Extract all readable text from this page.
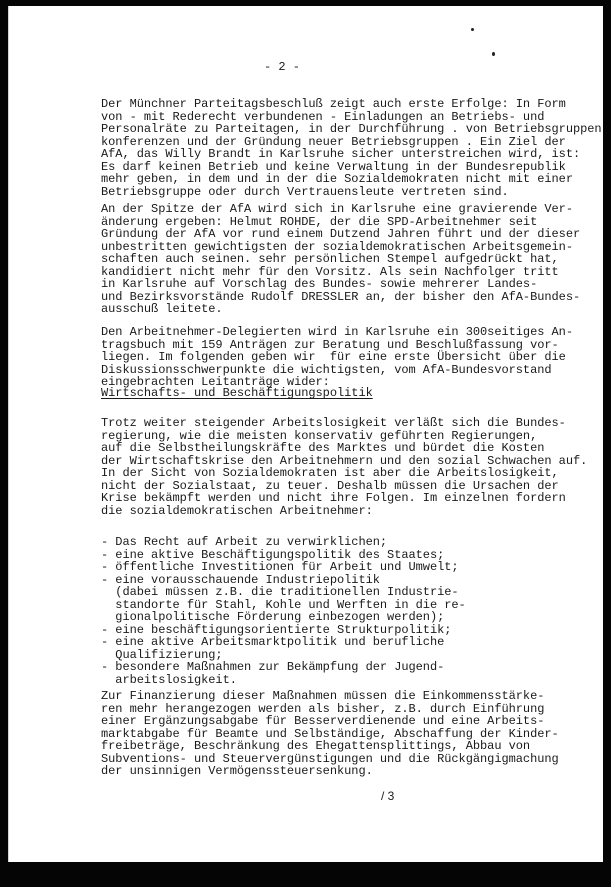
- 2 -
Der Münchner Parteitagsbeschluß zeigt auch erste Erfolge: In Form
von - mit Rederecht verbundenen - Einladungen an Betriebs- und
Personalräte zu Parteitagen, in der Durchführung . von Betriebsgruppen
konferenzen und der Gründung neuer Betriebsgruppen . Ein Ziel der
AfA, das Willy Brandt in Karlsruhe sicher unterstreichen wird, ist:
Es darf keinen Betrieb und keine Verwaltung in der Bundesrepublik
mehr geben, in dem und in der die Sozialdemokraten nicht mit einer
Betriebsgruppe oder durch Vertrauensleute vertreten sind.
An der Spitze der AfA wird sich in Karlsruhe eine gravierende Ver-
änderung ergeben: Helmut ROHDE, der die SPD-Arbeitnehmer seit
Gründung der AfA vor rund einem Dutzend Jahren führt und der dieser
unbestritten gewichtigsten der sozialdemokratischen Arbeitsgemein-
schaften auch seinen. sehr persönlichen Stempel aufgedrückt hat,
kandidiert nicht mehr für den Vorsitz. Als sein Nachfolger tritt
in Karlsruhe auf Vorschlag des Bundes- sowie mehrerer Landes-
und Bezirksvorstände Rudolf DRESSLER an, der bisher den AfA-Bundes-
ausschuß leitete.
Den Arbeitnehmer-Delegierten wird in Karlsruhe ein 300seitiges An-
tragsbuch mit 159 Anträgen zur Beratung und Beschlußfassung vor-
liegen. Im folgenden geben wir  für eine erste Übersicht über die
Diskussionsschwerpunkte die wichtigsten, vom AfA-Bundesvorstand
eingebrachten Leitanträge wider:
Wirtschafts- und Beschäftigungspolitik
Trotz weiter steigender Arbeitslosigkeit verläßt sich die Bundes-
regierung, wie die meisten konservativ geführten Regierungen,
auf die Selbstheilungskräfte des Marktes und bürdet die Kosten
der Wirtschaftskrise den Arbeitnehmern und den sozial Schwachen auf.
In der Sicht von Sozialdemokraten ist aber die Arbeitslosigkeit,
nicht der Sozialstaat, zu teuer. Deshalb müssen die Ursachen der
Krise bekämpft werden und nicht ihre Folgen. Im einzelnen fordern
die sozialdemokratischen Arbeitnehmer:
- Das Recht auf Arbeit zu verwirklichen;
- eine aktive Beschäftigungspolitik des Staates;
- öffentliche Investitionen für Arbeit und Umwelt;
- eine vorausschauende Industriepolitik
(dabei müssen z.B. die traditionellen Industrie-
standorte für Stahl, Kohle und Werften in die re-
gionalpolitische Förderung einbezogen werden);
- eine beschäftigungsorientierte Strukturpolitik;
- eine aktive Arbeitsmarktpolitik und berufliche
Qualifizierung;
- besondere Maßnahmen zur Bekämpfung der Jugend-
arbeitslosigkeit.
Zur Finanzierung dieser Maßnahmen müssen die Einkommensstärke-
ren mehr herangezogen werden als bisher, z.B. durch Einführung
einer Ergänzungsabgabe für Besserverdienende und eine Arbeits-
marktabgabe für Beamte und Selbständige, Abschaffung der Kinder-
freibeträge, Beschränkung des Ehegattensplittings, Abbau von
Subventions- und Steuervergünstigungen und die Rückgängigmachung
der unsinnigen Vermögenssteuersenkung.
/ 3
